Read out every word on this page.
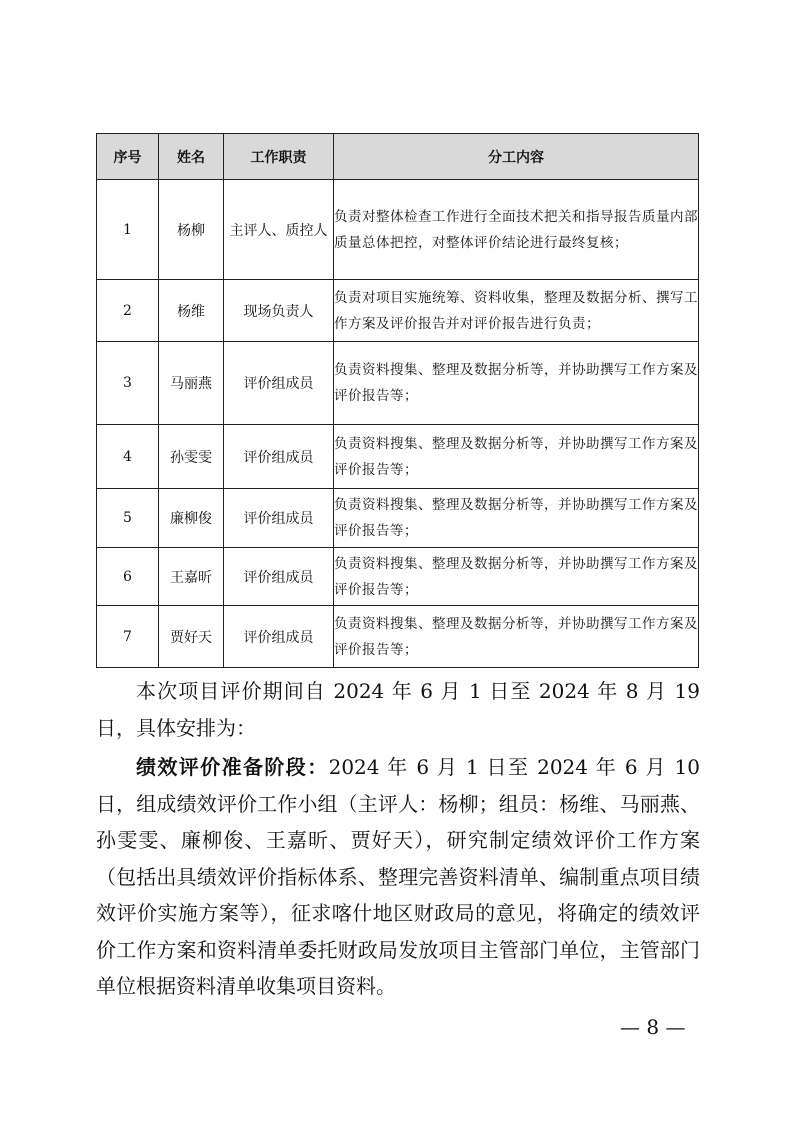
序号	姓名	工作职责	分工内容
1	杨柳	主评人、质控人	负责对整体检查工作进行全面技术把关和指导报告质量内部质量总体把控，对整体评价结论进行最终复核；
2	杨维	现场负责人	负责对项目实施统筹、资料收集，整理及数据分析、撰写工作方案及评价报告并对评价报告进行负责；
3	马丽燕	评价组成员	负责资料搜集、整理及数据分析等，并协助撰写工作方案及评价报告等；
4	孙雯雯	评价组成员	负责资料搜集、整理及数据分析等，并协助撰写工作方案及评价报告等；
5	廉柳俊	评价组成员	负责资料搜集、整理及数据分析等，并协助撰写工作方案及评价报告等；
6	王嘉昕	评价组成员	负责资料搜集、整理及数据分析等，并协助撰写工作方案及评价报告等；
7	贾好天	评价组成员	负责资料搜集、整理及数据分析等，并协助撰写工作方案及评价报告等；

本次项目评价期间自 2024 年 6 月 1 日至 2024 年 8 月 19 日，具体安排为：

绩效评价准备阶段：2024 年 6 月 1 日至 2024 年 6 月 10 日，组成绩效评价工作小组（主评人：杨柳；组员：杨维、马丽燕、孙雯雯、廉柳俊、王嘉昕、贾好天），研究制定绩效评价工作方案（包括出具绩效评价指标体系、整理完善资料清单、编制重点项目绩效评价实施方案等），征求喀什地区财政局的意见，将确定的绩效评价工作方案和资料清单委托财政局发放项目主管部门单位，主管部门单位根据资料清单收集项目资料。

— 8 —
